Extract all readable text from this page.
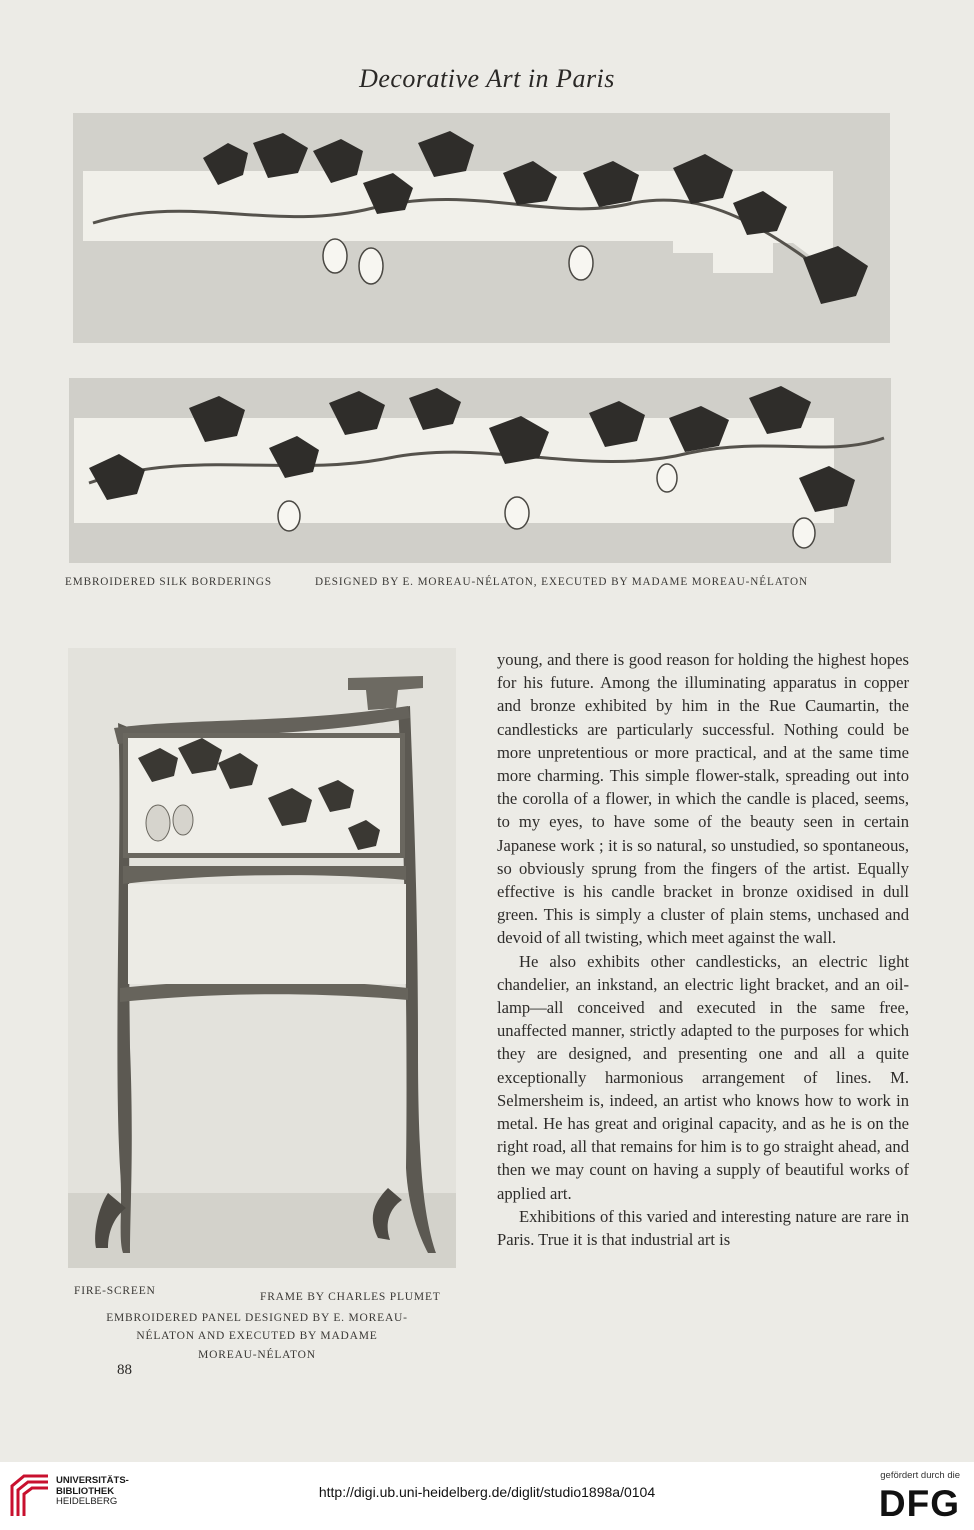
Decorative Art in Paris
EMBROIDERED SILK BORDERINGS	DESIGNED BY E. MOREAU-NÉLATON, EXECUTED BY MADAME MOREAU-NÉLATON
FIRE-SCREEN	FRAME BY CHARLES PLUMET
EMBROIDERED PANEL DESIGNED BY E. MOREAU-
NÉLATON AND EXECUTED BY MADAME
MOREAU-NÉLATON
88

young, and there is good reason for holding the highest hopes for his future. Among the illuminating apparatus in copper and bronze exhibited by him in the Rue Caumartin, the candlesticks are particularly successful. Nothing could be more unpretentious or more practical, and at the same time more charming. This simple flower-stalk, spreading out into the corolla of a flower, in which the candle is placed, seems, to my eyes, to have some of the beauty seen in certain Japanese work ; it is so natural, so unstudied, so spontaneous, so obviously sprung from the fingers of the artist. Equally effective is his candle bracket in bronze oxidised in dull green. This is simply a cluster of plain stems, unchased and devoid of all twisting, which meet against the wall.

He also exhibits other candlesticks, an electric light chandelier, an inkstand, an electric light bracket, and an oil-lamp—all conceived and executed in the same free, unaffected manner, strictly adapted to the purposes for which they are designed, and presenting one and all a quite exceptionally harmonious arrangement of lines. M. Selmersheim is, indeed, an artist who knows how to work in metal. He has great and original capacity, and as he is on the right road, all that remains for him is to go straight ahead, and then we may count on having a supply of beautiful works of applied art.

Exhibitions of this varied and interesting nature are rare in Paris. True it is that industrial art is

UNIVERSITÄTS-
BIBLIOTHEK
HEIDELBERG
http://digi.ub.uni-heidelberg.de/diglit/studio1898a/0104
gefördert durch die
DFG
